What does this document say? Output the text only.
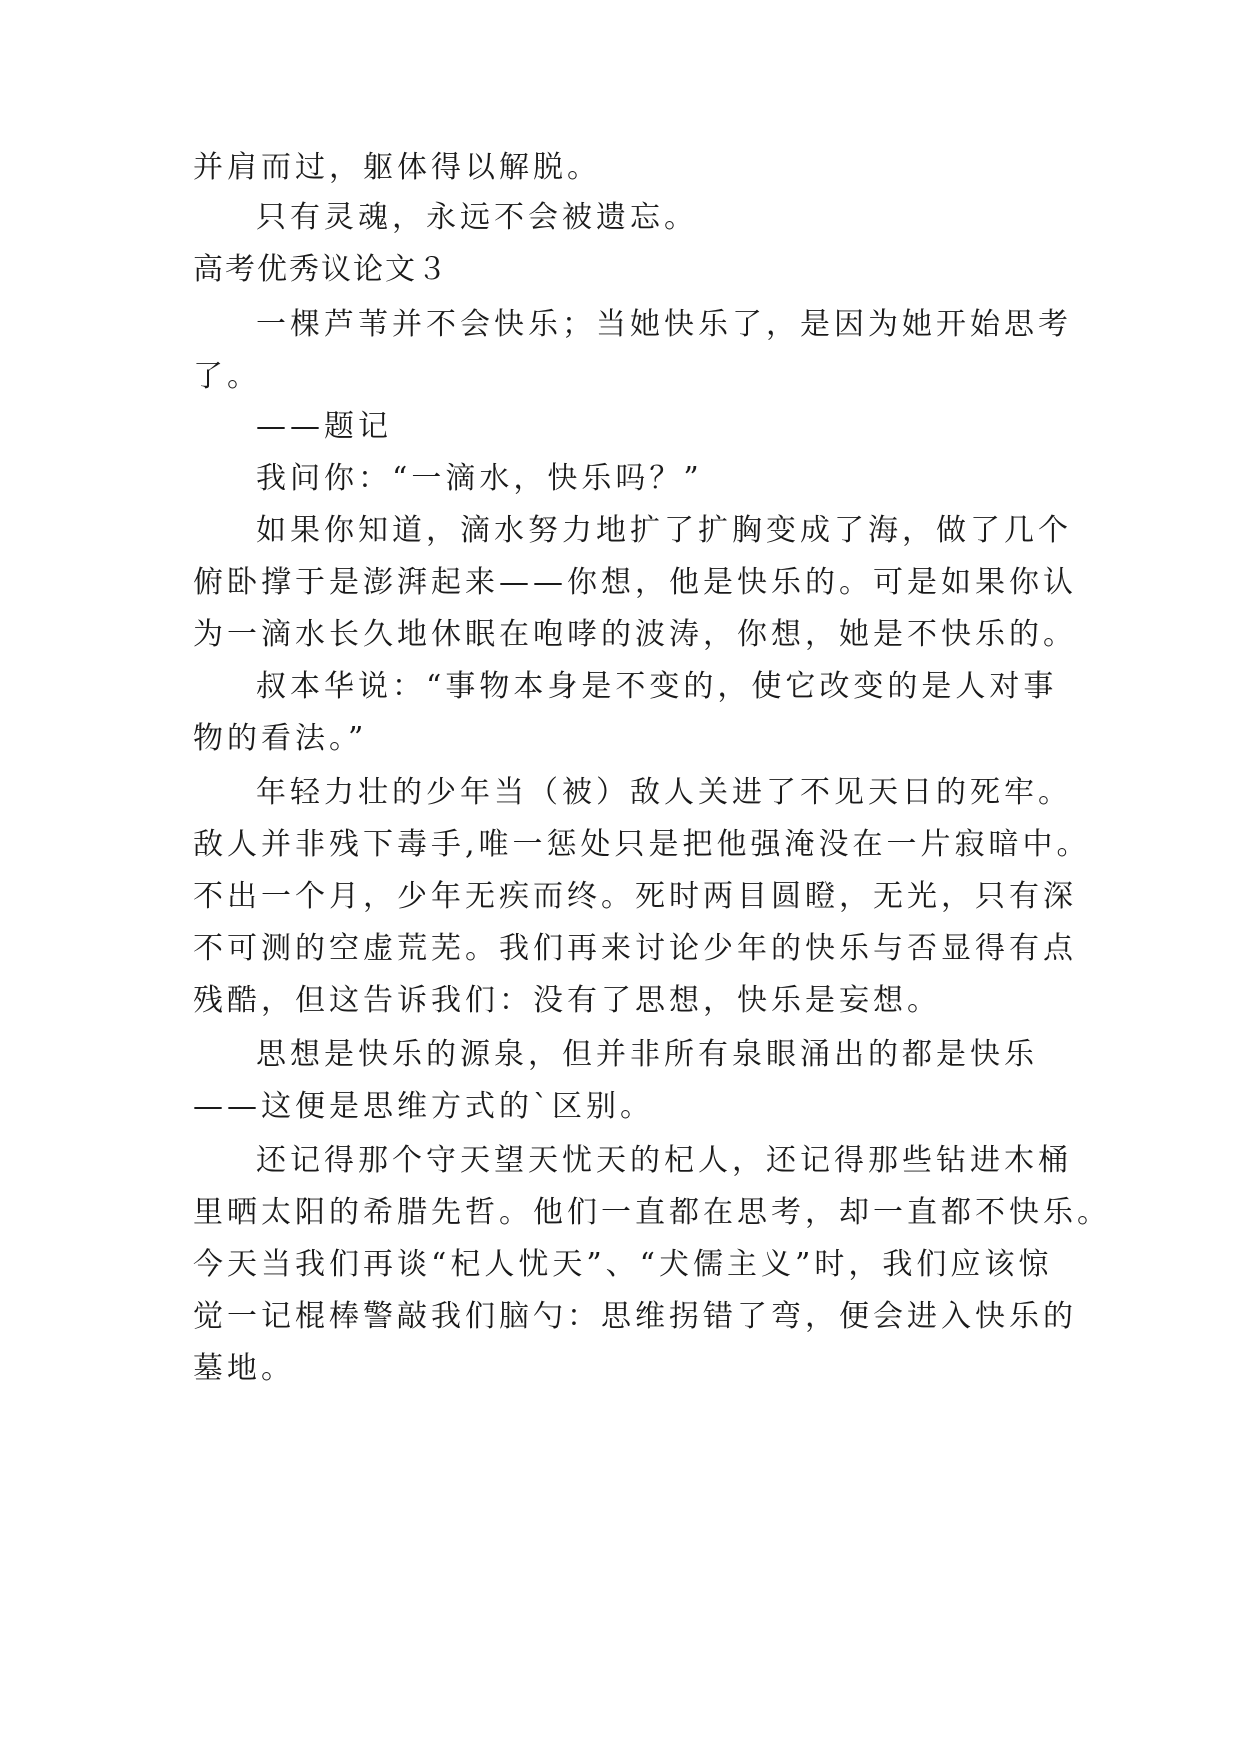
并肩而过，躯体得以解脱。
只有灵魂，永远不会被遗忘。
高考优秀议论文３
一棵芦苇并不会快乐；当她快乐了，是因为她开始思考
了。
——题记
我问你：“一滴水，快乐吗？”
如果你知道，滴水努力地扩了扩胸变成了海，做了几个
俯卧撑于是澎湃起来——你想，他是快乐的。可是如果你认
为一滴水长久地休眠在咆哮的波涛，你想，她是不快乐的。
叔本华说：“事物本身是不变的，使它改变的是人对事
物的看法。”
年轻力壮的少年当（被）敌人关进了不见天日的死牢。
敌人并非残下毒手,唯一惩处只是把他强淹没在一片寂暗中。
不出一个月，少年无疾而终。死时两目圆瞪，无光，只有深
不可测的空虚荒芜。我们再来讨论少年的快乐与否显得有点
残酷，但这告诉我们：没有了思想，快乐是妄想。
思想是快乐的源泉，但并非所有泉眼涌出的都是快乐
——这便是思维方式的`区别。
还记得那个守天望天忧天的杞人，还记得那些钻进木桶
里晒太阳的希腊先哲。他们一直都在思考，却一直都不快乐。
今天当我们再谈“杞人忧天”、“犬儒主义”时，我们应该惊
觉一记棍棒警敲我们脑勺：思维拐错了弯，便会进入快乐的
墓地。
